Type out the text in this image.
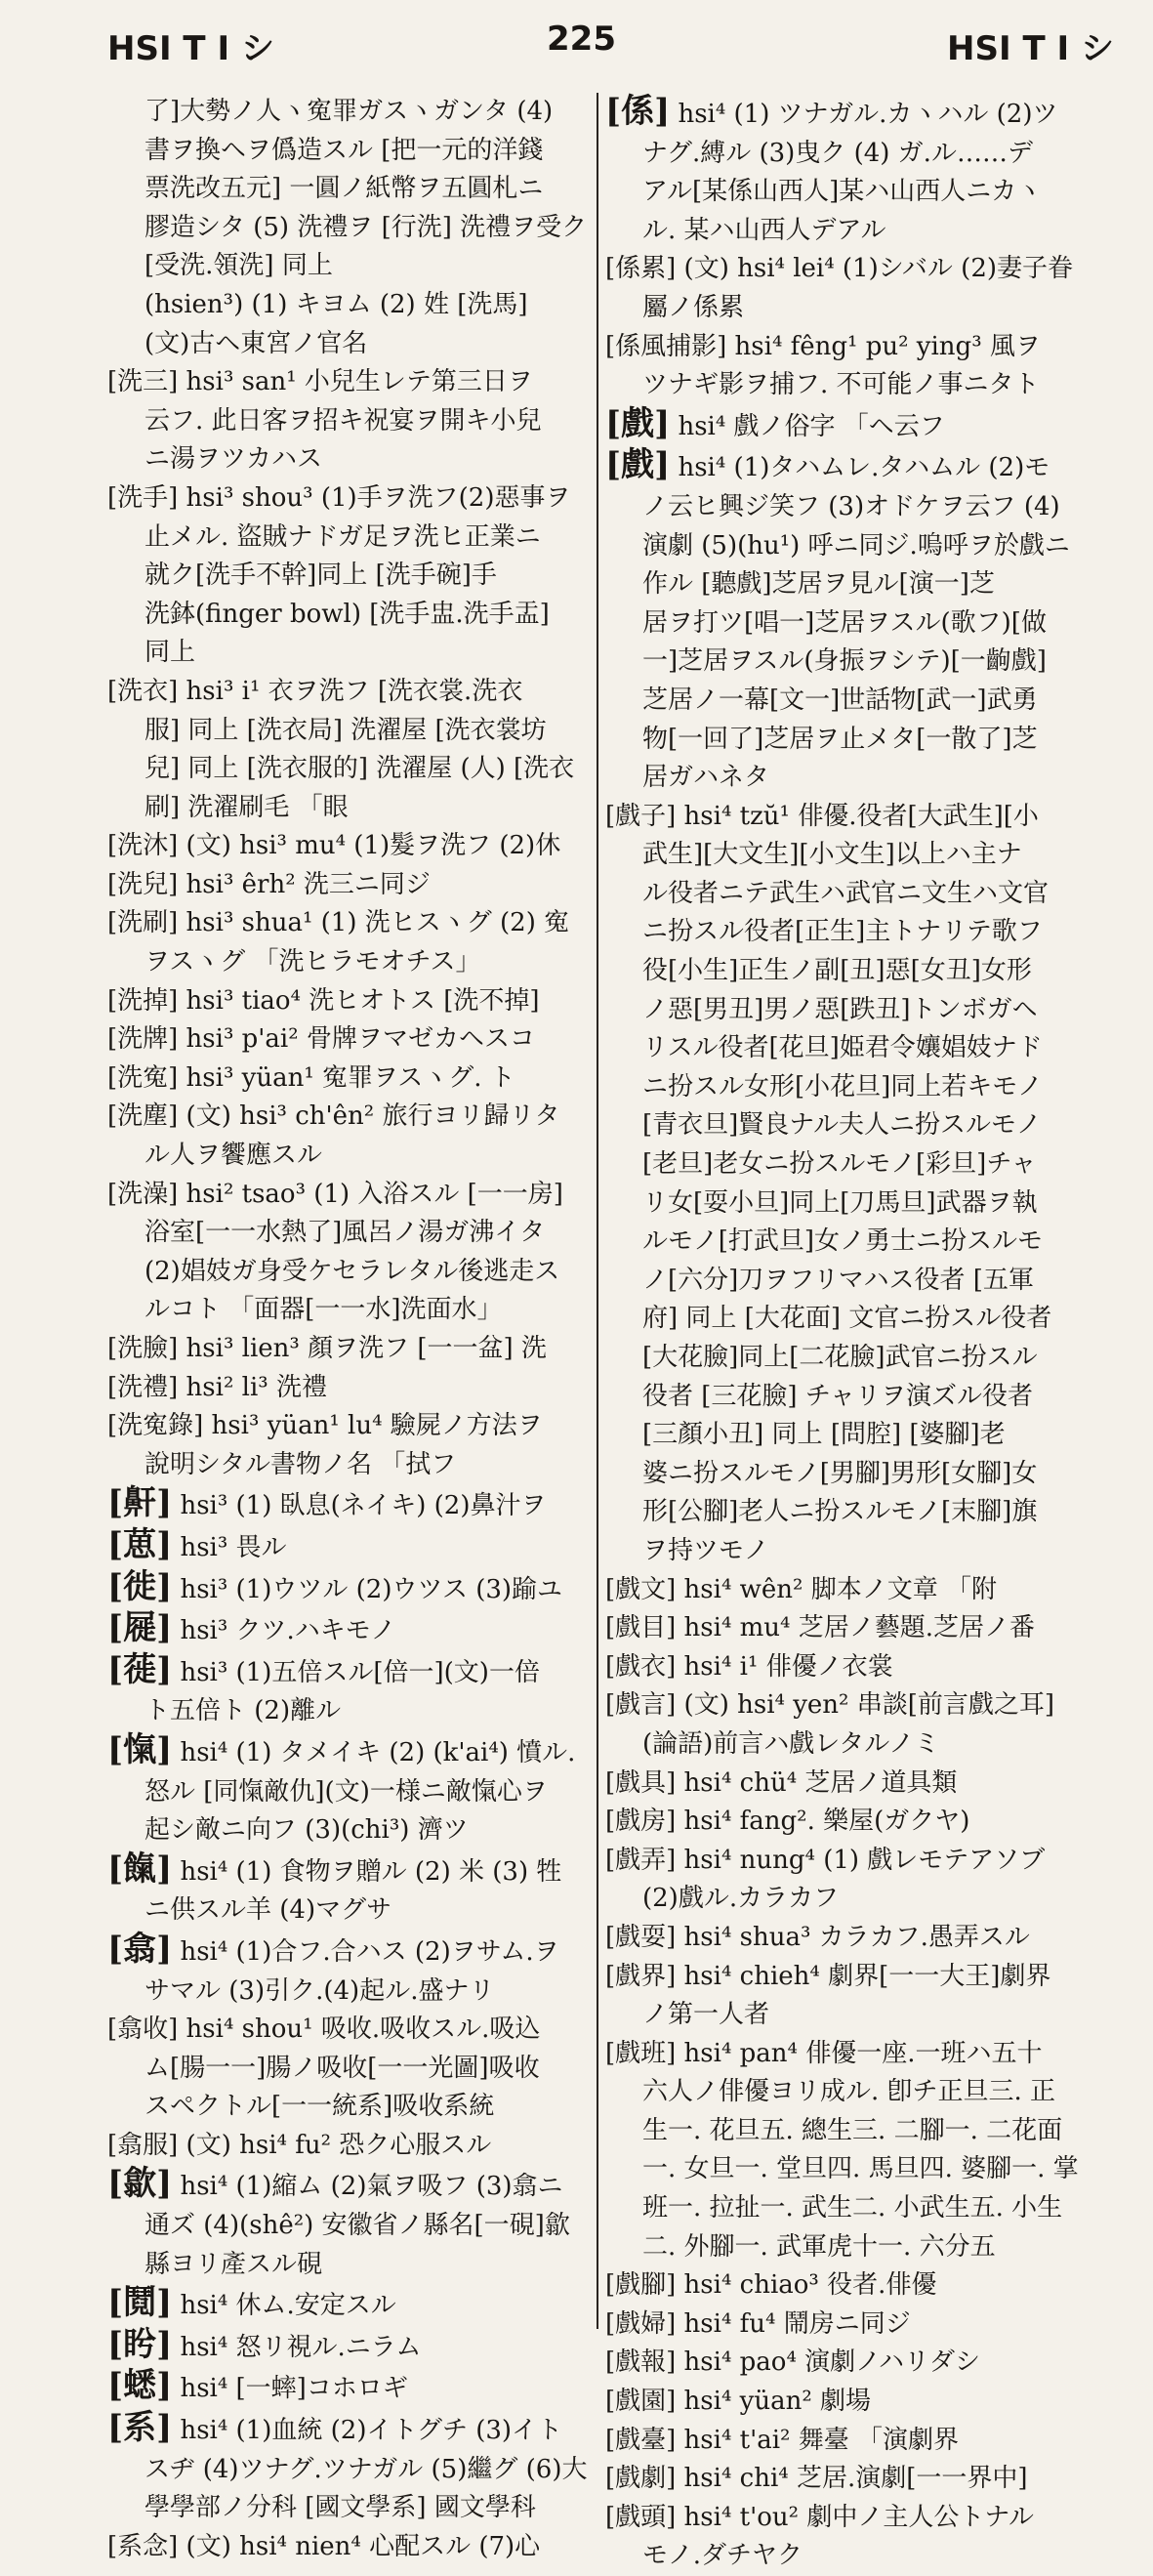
HSI T I シ	225	HSI T I シ
了]大勢ノ人ヽ寃罪ガスヽガンタ (4)
書ヲ換ヘヲ僞造スル [把一元的洋錢
票洗改五元] 一圓ノ紙幣ヲ五圓札ニ
膠造シタ (5) 洗禮ヲ [行洗] 洗禮ヲ受ク
[受洗.領洗] 同上
(hsien³) (1) キヨム (2) 姓 [洗馬]
(文)古ヘ東宮ノ官名
[洗三] hsi³ san¹ 小兒生レテ第三日ヲ
云フ. 此日客ヲ招キ祝宴ヲ開キ小兒
ニ湯ヲツカハス
[洗手] hsi³ shou³ (1)手ヲ洗フ(2)惡事ヲ
止メル. 盜賊ナドガ足ヲ洗ヒ正業ニ
就ク[洗手不幹]同上 [洗手碗]手
洗鉢(finger bowl) [洗手盅.洗手盂]
同上
[洗衣] hsi³ i¹ 衣ヲ洗フ [洗衣裳.洗衣
服] 同上 [洗衣局] 洗濯屋 [洗衣裳坊
兒] 同上 [洗衣服的] 洗濯屋 (人) [洗衣
刷] 洗濯刷毛 「眼
[洗沐] (文) hsi³ mu⁴ (1)髮ヲ洗フ (2)休
[洗兒] hsi³ êrh² 洗三ニ同ジ
[洗刷] hsi³ shua¹ (1) 洗ヒスヽグ (2) 寃
ヲスヽグ 「洗ヒラモオチス」
[洗掉] hsi³ tiao⁴ 洗ヒオトス [洗不掉]
[洗牌] hsi³ p'ai² 骨牌ヲマゼカヘスコ
[洗寃] hsi³ yüan¹ 寃罪ヲスヽグ. ト
[洗塵] (文) hsi³ ch'ên² 旅行ヨリ歸リタ
ル人ヲ饗應スル
[洗澡] hsi² tsao³ (1) 入浴スル [一一房]
浴室[一一水熱了]風呂ノ湯ガ沸イタ
(2)娼妓ガ身受ケセラレタル後逃走ス
ルコト 「面器[一一水]洗面水」
[洗臉] hsi³ lien³ 顏ヲ洗フ [一一盆] 洗
[洗禮] hsi² li³ 洗禮
[洗寃錄] hsi³ yüan¹ lu⁴ 驗屍ノ方法ヲ
說明シタル書物ノ名 「拭フ
[鼾] hsi³ (1) 臥息(ネイキ) (2)鼻汁ヲ
[葸] hsi³ 畏ル
[徙] hsi³ (1)ウツル (2)ウツス (3)踰ユ
[屣] hsi³ クツ.ハキモノ
[蓰] hsi³ (1)五倍スル[倍一](文)一倍
ト五倍ト (2)離ル
[愾] hsi⁴ (1) タメイキ (2) (k'ai⁴) 憤ル.
怒ル [同愾敵仇](文)一様ニ敵愾心ヲ
起シ敵ニ向フ (3)(chi³) 濟ツ
[餼] hsi⁴ (1) 食物ヲ贈ル (2) 米 (3) 牲
ニ供スル羊 (4)マグサ
[翕] hsi⁴ (1)合フ.合ハス (2)ヲサム.ヲ
サマル (3)引ク.(4)起ル.盛ナリ
[翕收] hsi⁴ shou¹ 吸收.吸收スル.吸込
ム[腸一一]腸ノ吸收[一一光圖]吸收
スペクトル[一一統系]吸收系統
[翕服] (文) hsi⁴ fu² 恐ク心服スル
[歙] hsi⁴ (1)縮ム (2)氣ヲ吸フ (3)翕ニ
通ズ (4)(shê²) 安徽省ノ縣名[一硯]歙
縣ヨリ產スル硯
[鬩] hsi⁴ 休ム.安定スル
[盻] hsi⁴ 怒リ視ル.ニラム
[蟋] hsi⁴ [一蟀]コホロギ
[系] hsi⁴ (1)血統 (2)イトグチ (3)イト
スヂ (4)ツナグ.ツナガル (5)繼グ (6)大
學學部ノ分科 [國文學系] 國文學科
[系念] (文) hsi⁴ nien⁴ 心配スル (7)心
[係] hsi⁴ (1) ツナガル.カヽハル (2)ツ
ナグ.縛ル (3)曳ク (4) ガ.ル……デ
アル[某係山西人]某ハ山西人ニカヽ
ル. 某ハ山西人デアル
[係累] (文) hsi⁴ lei⁴ (1)シバル (2)妻子眷
屬ノ係累
[係風捕影] hsi⁴ fêng¹ pu² ying³ 風ヲ
ツナギ影ヲ捕フ. 不可能ノ事ニタト
[戲] hsi⁴ 戲ノ俗字 「ヘ云フ
[戲] hsi⁴ (1)タハムレ.タハムル (2)モ
ノ云ヒ興ジ笑フ (3)オドケヲ云フ (4)
演劇 (5)(hu¹) 呼ニ同ジ.嗚呼ヲ於戲ニ
作ル [聽戲]芝居ヲ見ル[演一]芝
居ヲ打ツ[唱一]芝居ヲスル(歌フ)[做
一]芝居ヲスル(身振ヲシテ)[一齣戲]
芝居ノ一幕[文一]世話物[武一]武勇
物[一回了]芝居ヲ止メタ[一散了]芝
居ガハネタ
[戲子] hsi⁴ tzŭ¹ 俳優.役者[大武生][小
武生][大文生][小文生]以上ハ主ナ
ル役者ニテ武生ハ武官ニ文生ハ文官
ニ扮スル役者[正生]主トナリテ歌フ
役[小生]正生ノ副[丑]惡[女丑]女形
ノ惡[男丑]男ノ惡[跌丑]トンボガヘ
リスル役者[花旦]姫君令孃娼妓ナド
ニ扮スル女形[小花旦]同上若キモノ
[青衣旦]賢良ナル夫人ニ扮スルモノ
[老旦]老女ニ扮スルモノ[彩旦]チャ
リ女[耍小旦]同上[刀馬旦]武器ヲ執
ルモノ[打武旦]女ノ勇士ニ扮スルモ
ノ[六分]刀ヲフリマハス役者 [五軍
府] 同上 [大花面] 文官ニ扮スル役者
[大花臉]同上[二花臉]武官ニ扮スル
役者 [三花臉] チャリヲ演ズル役者
[三顏小丑] 同上 [問腔] [婆腳]老
婆ニ扮スルモノ[男腳]男形[女腳]女
形[公腳]老人ニ扮スルモノ[末腳]旗
ヲ持ツモノ
[戲文] hsi⁴ wên² 脚本ノ文章 「附
[戲目] hsi⁴ mu⁴ 芝居ノ藝題.芝居ノ番
[戲衣] hsi⁴ i¹ 俳優ノ衣裳
[戲言] (文) hsi⁴ yen² 串談[前言戲之耳]
(論語)前言ハ戲レタルノミ
[戲具] hsi⁴ chü⁴ 芝居ノ道具類
[戲房] hsi⁴ fang². 樂屋(ガクヤ)
[戲弄] hsi⁴ nung⁴ (1) 戲レモテアソブ
(2)戲ル.カラカフ
[戲耍] hsi⁴ shua³ カラカフ.愚弄スル
[戲界] hsi⁴ chieh⁴ 劇界[一一大王]劇界
ノ第一人者
[戲班] hsi⁴ pan⁴ 俳優一座.一班ハ五十
六人ノ俳優ヨリ成ル. 卽チ正旦三. 正
生一. 花旦五. 總生三. 二腳一. 二花面
一. 女旦一. 堂旦四. 馬旦四. 婆腳一. 掌
班一. 拉扯一. 武生二. 小武生五. 小生
二. 外腳一. 武軍虎十一. 六分五
[戲腳] hsi⁴ chiao³ 役者.俳優
[戲婦] hsi⁴ fu⁴ 鬧房ニ同ジ
[戲報] hsi⁴ pao⁴ 演劇ノハリダシ
[戲園] hsi⁴ yüan² 劇場
[戲臺] hsi⁴ t'ai² 舞臺 「演劇界
[戲劇] hsi⁴ chi⁴ 芝居.演劇[一一界中]
[戲頭] hsi⁴ t'ou² 劇中ノ主人公トナル
モノ.ダチヤク
